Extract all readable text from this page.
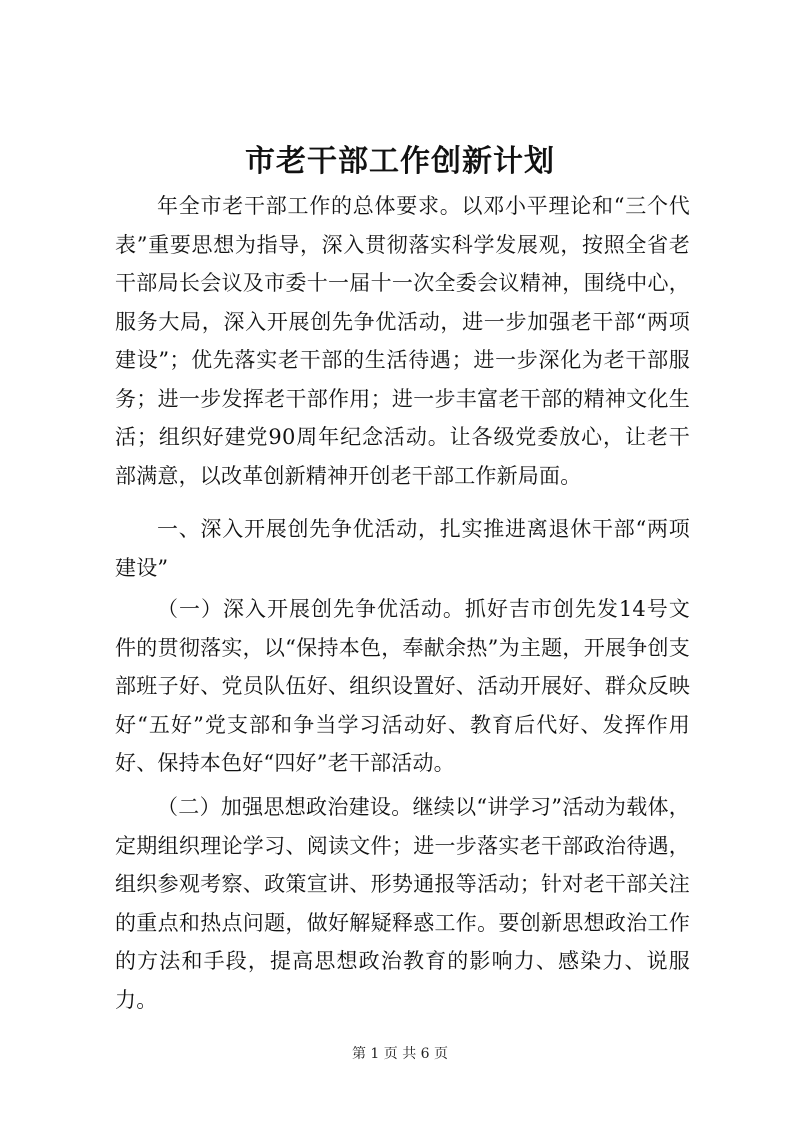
市老干部工作创新计划

年全市老干部工作的总体要求。以邓小平理论和“三个代表”重要思想为指导，深入贯彻落实科学发展观，按照全省老干部局长会议及市委十一届十一次全委会议精神，围绕中心，服务大局，深入开展创先争优活动，进一步加强老干部“两项建设”；优先落实老干部的生活待遇；进一步深化为老干部服务；进一步发挥老干部作用；进一步丰富老干部的精神文化生活；组织好建党90周年纪念活动。让各级党委放心，让老干部满意，以改革创新精神开创老干部工作新局面。

一、深入开展创先争优活动，扎实推进离退休干部“两项建设”

（一）深入开展创先争优活动。抓好吉市创先发14号文件的贯彻落实，以“保持本色，奉献余热”为主题，开展争创支部班子好、党员队伍好、组织设置好、活动开展好、群众反映好“五好”党支部和争当学习活动好、教育后代好、发挥作用好、保持本色好“四好”老干部活动。

（二）加强思想政治建设。继续以“讲学习”活动为载体，定期组织理论学习、阅读文件；进一步落实老干部政治待遇，组织参观考察、政策宣讲、形势通报等活动；针对老干部关注的重点和热点问题，做好解疑释惑工作。要创新思想政治工作的方法和手段，提高思想政治教育的影响力、感染力、说服力。

第 1 页 共 6 页
